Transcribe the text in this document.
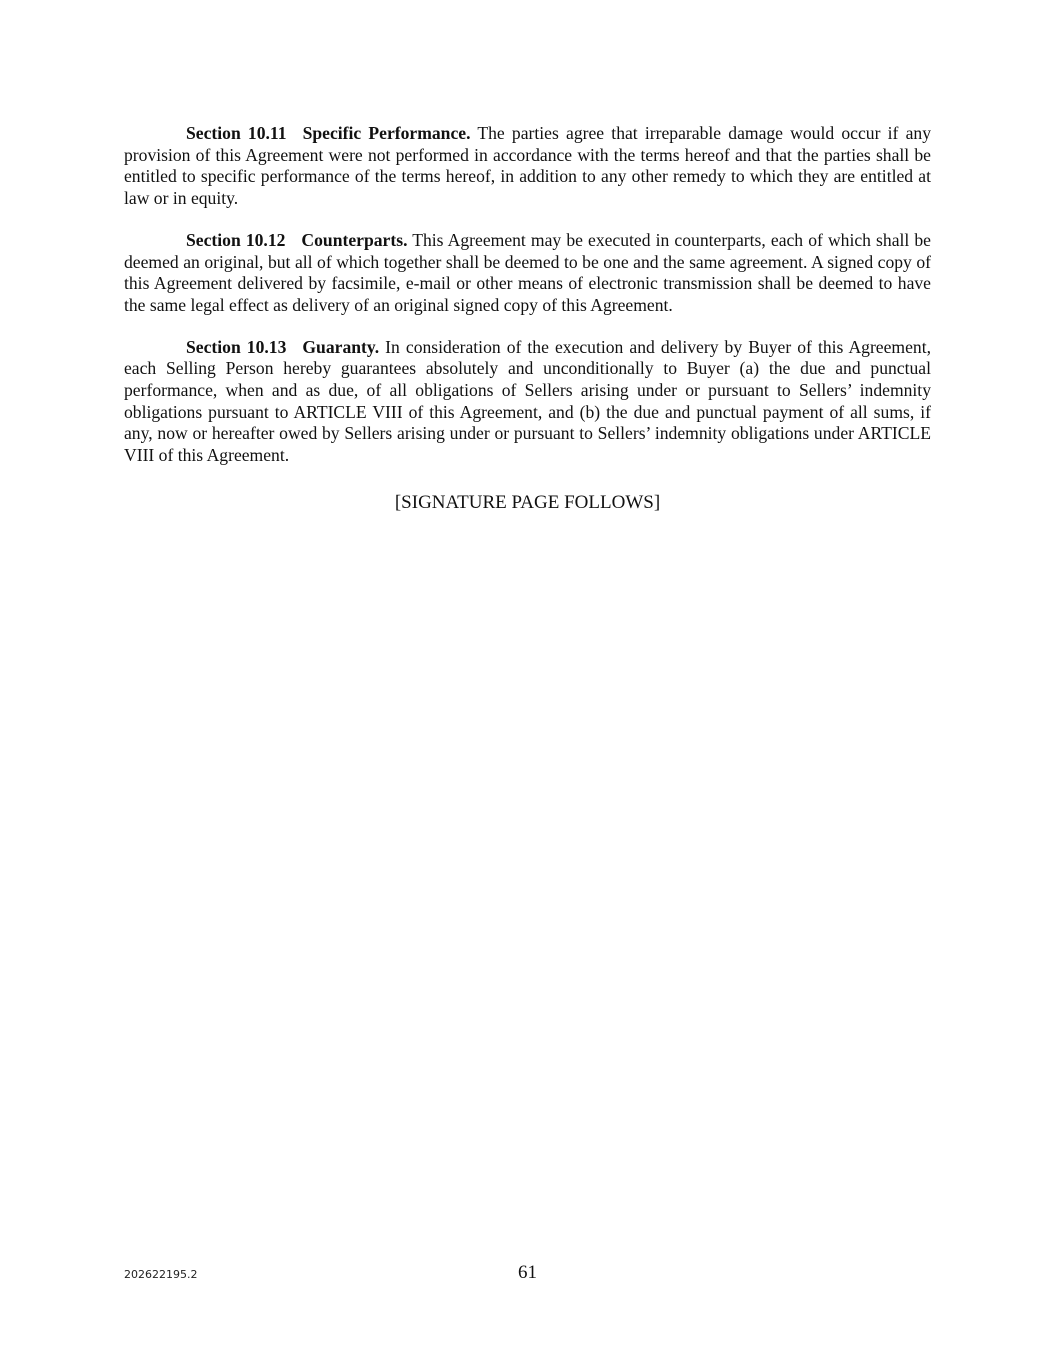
Section 10.11 Specific Performance. The parties agree that irreparable damage would occur if any provision of this Agreement were not performed in accordance with the terms hereof and that the parties shall be entitled to specific performance of the terms hereof, in addition to any other remedy to which they are entitled at law or in equity.

Section 10.12 Counterparts. This Agreement may be executed in counterparts, each of which shall be deemed an original, but all of which together shall be deemed to be one and the same agreement. A signed copy of this Agreement delivered by facsimile, e-mail or other means of electronic transmission shall be deemed to have the same legal effect as delivery of an original signed copy of this Agreement.

Section 10.13 Guaranty. In consideration of the execution and delivery by Buyer of this Agreement, each Selling Person hereby guarantees absolutely and unconditionally to Buyer (a) the due and punctual performance, when and as due, of all obligations of Sellers arising under or pursuant to Sellers’ indemnity obligations pursuant to ARTICLE VIII of this Agreement, and (b) the due and punctual payment of all sums, if any, now or hereafter owed by Sellers arising under or pursuant to Sellers’ indemnity obligations under ARTICLE VIII of this Agreement.

[SIGNATURE PAGE FOLLOWS]
202622195.2	61
